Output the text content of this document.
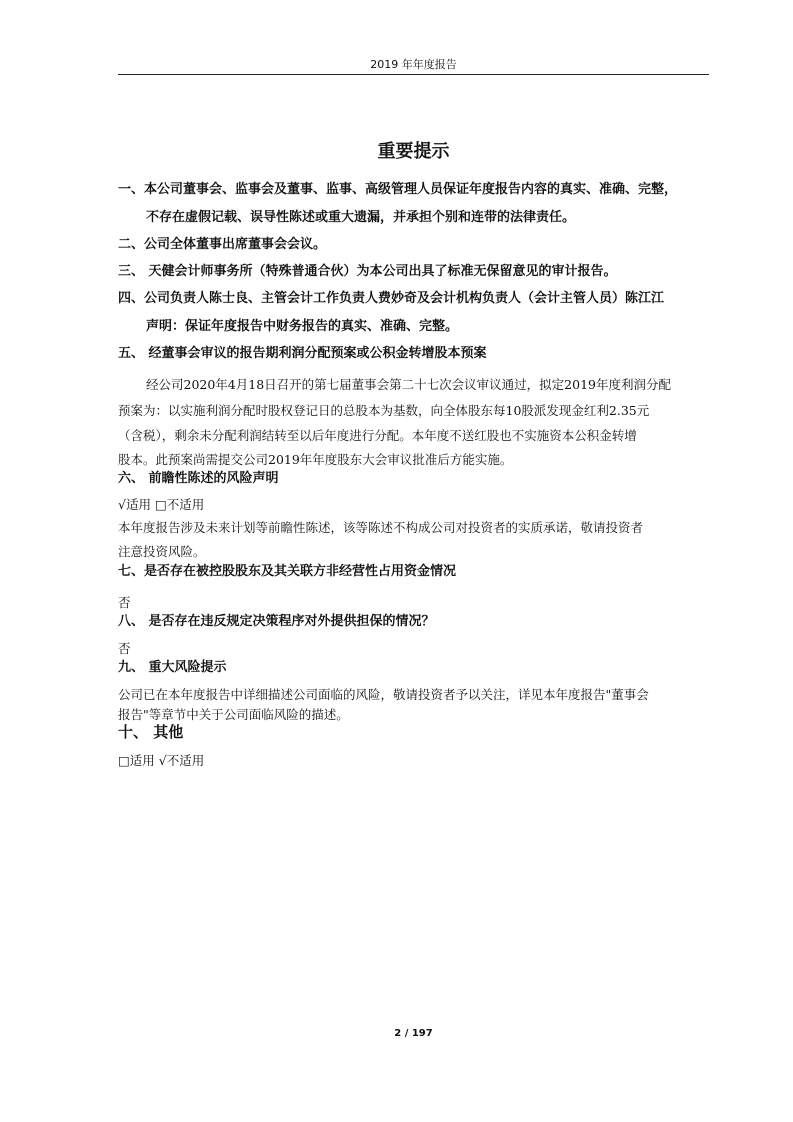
2019 年年度报告
重要提示
一、本公司董事会、监事会及董事、监事、高级管理人员保证年度报告内容的真实、准确、完整，
不存在虚假记载、误导性陈述或重大遗漏，并承担个别和连带的法律责任。
二、公司全体董事出席董事会会议。
三、 天健会计师事务所（特殊普通合伙）为本公司出具了标准无保留意见的审计报告。
四、公司负责人陈士良、主管会计工作负责人费妙奇及会计机构负责人（会计主管人员）陈江江
声明：保证年度报告中财务报告的真实、准确、完整。
五、 经董事会审议的报告期利润分配预案或公积金转增股本预案
经公司2020年4月18日召开的第七届董事会第二十七次会议审议通过，拟定2019年度利润分配
预案为：以实施利润分配时股权登记日的总股本为基数，向全体股东每10股派发现金红利2.35元
（含税），剩余未分配利润结转至以后年度进行分配。本年度不送红股也不实施资本公积金转增
股本。此预案尚需提交公司2019年年度股东大会审议批准后方能实施。
六、 前瞻性陈述的风险声明
√适用 □不适用
本年度报告涉及未来计划等前瞻性陈述，该等陈述不构成公司对投资者的实质承诺，敬请投资者
注意投资风险。
七、是否存在被控股股东及其关联方非经营性占用资金情况
否
八、 是否存在违反规定决策程序对外提供担保的情况？
否
九、 重大风险提示
公司已在本年度报告中详细描述公司面临的风险，敬请投资者予以关注，详见本年度报告"董事会
报告"等章节中关于公司面临风险的描述。
十、 其他
□适用 √不适用
2 / 197
